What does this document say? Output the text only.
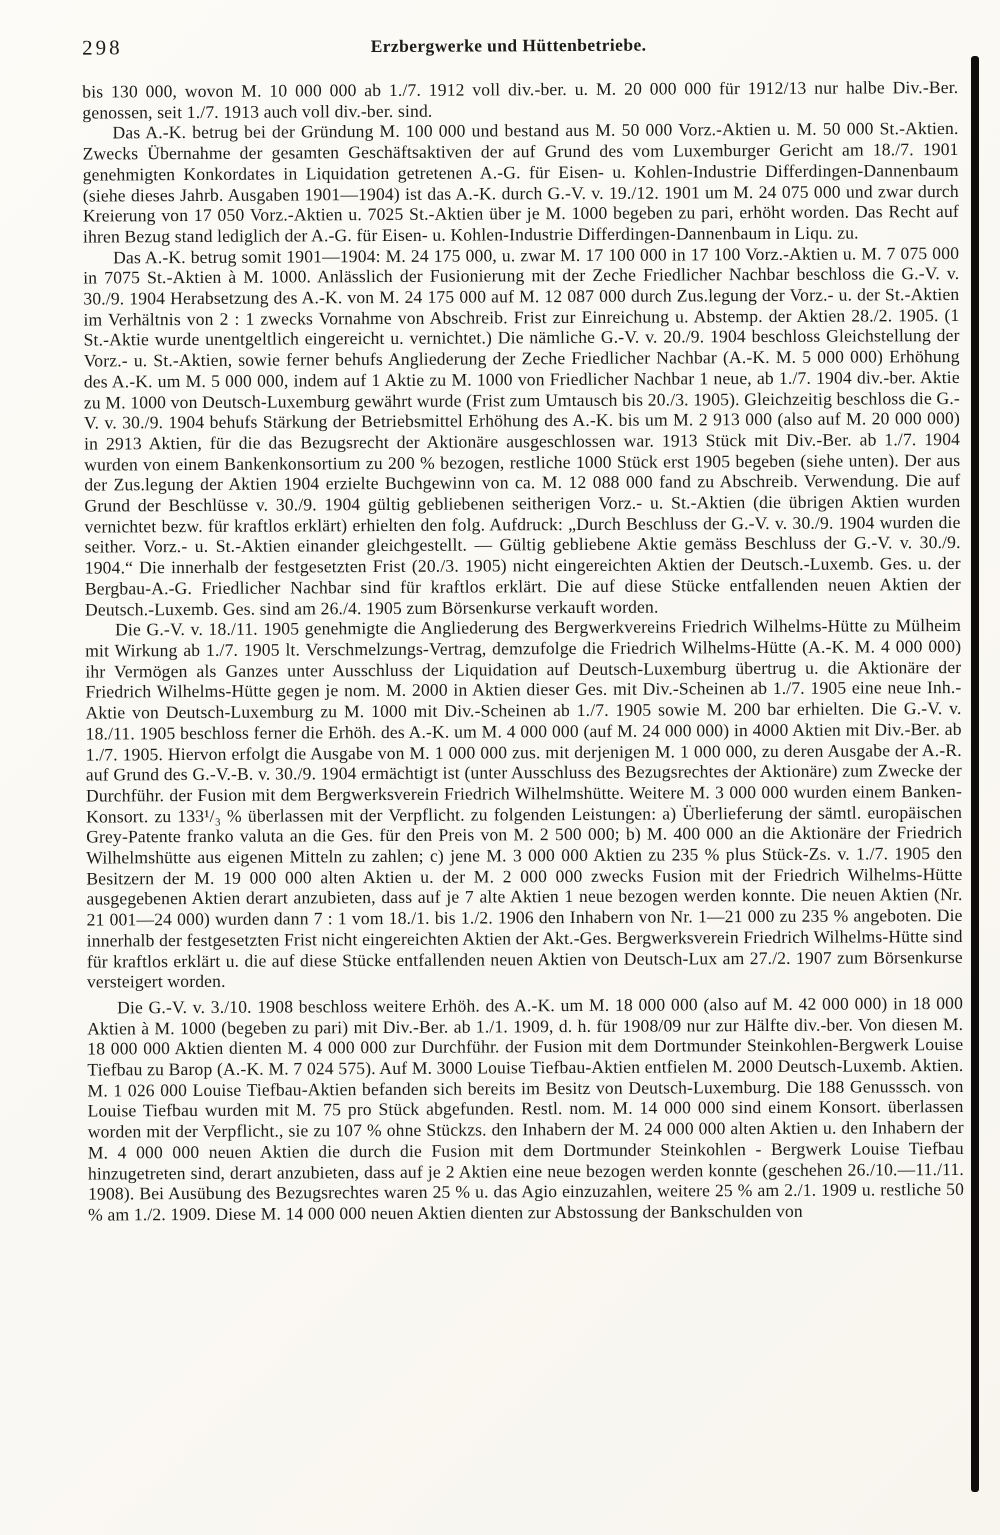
298	Erzbergwerke und Hüttenbetriebe.

bis 130 000, wovon M. 10 000 000 ab 1./7. 1912 voll div.-ber. u. M. 20 000 000 für 1912/13 nur halbe Div.-Ber. genossen, seit 1./7. 1913 auch voll div.-ber. sind.

Das A.-K. betrug bei der Gründung M. 100 000 und bestand aus M. 50 000 Vorz.-Aktien u. M. 50 000 St.-Aktien. Zwecks Übernahme der gesamten Geschäftsaktiven der auf Grund des vom Luxemburger Gericht am 18./7. 1901 genehmigten Konkordates in Liquidation getretenen A.-G. für Eisen- u. Kohlen-Industrie Differdingen-Dannenbaum (siehe dieses Jahrb. Ausgaben 1901—1904) ist das A.-K. durch G.-V. v. 19./12. 1901 um M. 24 075 000 und zwar durch Kreierung von 17 050 Vorz.-Aktien u. 7025 St.-Aktien über je M. 1000 begeben zu pari, erhöht worden. Das Recht auf ihren Bezug stand lediglich der A.-G. für Eisen- u. Kohlen-Industrie Differdingen-Dannenbaum in Liqu. zu.

Das A.-K. betrug somit 1901—1904: M. 24 175 000, u. zwar M. 17 100 000 in 17 100 Vorz.-Aktien u. M. 7 075 000 in 7075 St.-Aktien à M. 1000. Anlässlich der Fusionierung mit der Zeche Friedlicher Nachbar beschloss die G.-V. v. 30./9. 1904 Herabsetzung des A.-K. von M. 24 175 000 auf M. 12 087 000 durch Zus.legung der Vorz.- u. der St.-Aktien im Verhältnis von 2 : 1 zwecks Vornahme von Abschreib. Frist zur Einreichung u. Abstemp. der Aktien 28./2. 1905. (1 St.-Aktie wurde unentgeltlich eingereicht u. vernichtet.) Die nämliche G.-V. v. 20./9. 1904 beschloss Gleichstellung der Vorz.- u. St.-Aktien, sowie ferner behufs Angliederung der Zeche Friedlicher Nachbar (A.-K. M. 5 000 000) Erhöhung des A.-K. um M. 5 000 000, indem auf 1 Aktie zu M. 1000 von Friedlicher Nachbar 1 neue, ab 1./7. 1904 div.-ber. Aktie zu M. 1000 von Deutsch-Luxemburg gewährt wurde (Frist zum Umtausch bis 20./3. 1905). Gleichzeitig beschloss die G.-V. v. 30./9. 1904 behufs Stärkung der Betriebsmittel Erhöhung des A.-K. bis um M. 2 913 000 (also auf M. 20 000 000) in 2913 Aktien, für die das Bezugsrecht der Aktionäre ausgeschlossen war. 1913 Stück mit Div.-Ber. ab 1./7. 1904 wurden von einem Bankenkonsortium zu 200 % bezogen, restliche 1000 Stück erst 1905 begeben (siehe unten). Der aus der Zus.legung der Aktien 1904 erzielte Buchgewinn von ca. M. 12 088 000 fand zu Abschreib. Verwendung. Die auf Grund der Beschlüsse v. 30./9. 1904 gültig gebliebenen seitherigen Vorz.- u. St.-Aktien (die übrigen Aktien wurden vernichtet bezw. für kraftlos erklärt) erhielten den folg. Aufdruck: „Durch Beschluss der G.-V. v. 30./9. 1904 wurden die seither. Vorz.- u. St.-Aktien einander gleichgestellt. — Gültig gebliebene Aktie gemäss Beschluss der G.-V. v. 30./9. 1904.“ Die innerhalb der festgesetzten Frist (20./3. 1905) nicht eingereichten Aktien der Deutsch.-Luxemb. Ges. u. der Bergbau-A.-G. Friedlicher Nachbar sind für kraftlos erklärt. Die auf diese Stücke entfallenden neuen Aktien der Deutsch.-Luxemb. Ges. sind am 26./4. 1905 zum Börsenkurse verkauft worden.

Die G.-V. v. 18./11. 1905 genehmigte die Angliederung des Bergwerkvereins Friedrich Wilhelms-Hütte zu Mülheim mit Wirkung ab 1./7. 1905 lt. Verschmelzungs-Vertrag, demzufolge die Friedrich Wilhelms-Hütte (A.-K. M. 4 000 000) ihr Vermögen als Ganzes unter Ausschluss der Liquidation auf Deutsch-Luxemburg übertrug u. die Aktionäre der Friedrich Wilhelms-Hütte gegen je nom. M. 2000 in Aktien dieser Ges. mit Div.-Scheinen ab 1./7. 1905 eine neue Inh.-Aktie von Deutsch-Luxemburg zu M. 1000 mit Div.-Scheinen ab 1./7. 1905 sowie M. 200 bar erhielten. Die G.-V. v. 18./11. 1905 beschloss ferner die Erhöh. des A.-K. um M. 4 000 000 (auf M. 24 000 000) in 4000 Aktien mit Div.-Ber. ab 1./7. 1905. Hiervon erfolgt die Ausgabe von M. 1 000 000 zus. mit derjenigen M. 1 000 000, zu deren Ausgabe der A.-R. auf Grund des G.-V.-B. v. 30./9. 1904 ermächtigt ist (unter Ausschluss des Bezugsrechtes der Aktionäre) zum Zwecke der Durchführ. der Fusion mit dem Bergwerksverein Friedrich Wilhelmshütte. Weitere M. 3 000 000 wurden einem Banken-Konsort. zu 133¹/₃ % überlassen mit der Verpflicht. zu folgenden Leistungen: a) Überlieferung der sämtl. europäischen Grey-Patente franko valuta an die Ges. für den Preis von M. 2 500 000; b) M. 400 000 an die Aktionäre der Friedrich Wilhelmshütte aus eigenen Mitteln zu zahlen; c) jene M. 3 000 000 Aktien zu 235 % plus Stück-Zs. v. 1./7. 1905 den Besitzern der M. 19 000 000 alten Aktien u. der M. 2 000 000 zwecks Fusion mit der Friedrich Wilhelms-Hütte ausgegebenen Aktien derart anzubieten, dass auf je 7 alte Aktien 1 neue bezogen werden konnte. Die neuen Aktien (Nr. 21 001—24 000) wurden dann 7 : 1 vom 18./1. bis 1./2. 1906 den Inhabern von Nr. 1—21 000 zu 235 % angeboten. Die innerhalb der festgesetzten Frist nicht eingereichten Aktien der Akt.-Ges. Bergwerksverein Friedrich Wilhelms-Hütte sind für kraftlos erklärt u. die auf diese Stücke entfallenden neuen Aktien von Deutsch-Lux am 27./2. 1907 zum Börsenkurse versteigert worden.

Die G.-V. v. 3./10. 1908 beschloss weitere Erhöh. des A.-K. um M. 18 000 000 (also auf M. 42 000 000) in 18 000 Aktien à M. 1000 (begeben zu pari) mit Div.-Ber. ab 1./1. 1909, d. h. für 1908/09 nur zur Hälfte div.-ber. Von diesen M. 18 000 000 Aktien dienten M. 4 000 000 zur Durchführ. der Fusion mit dem Dortmunder Steinkohlen-Bergwerk Louise Tiefbau zu Barop (A.-K. M. 7 024 575). Auf M. 3000 Louise Tiefbau-Aktien entfielen M. 2000 Deutsch-Luxemb. Aktien. M. 1 026 000 Louise Tiefbau-Aktien befanden sich bereits im Besitz von Deutsch-Luxemburg. Die 188 Genusssch. von Louise Tiefbau wurden mit M. 75 pro Stück abgefunden. Restl. nom. M. 14 000 000 sind einem Konsort. überlassen worden mit der Verpflicht., sie zu 107 % ohne Stückzs. den Inhabern der M. 24 000 000 alten Aktien u. den Inhabern der M. 4 000 000 neuen Aktien die durch die Fusion mit dem Dortmunder Steinkohlen - Bergwerk Louise Tiefbau hinzugetreten sind, derart anzubieten, dass auf je 2 Aktien eine neue bezogen werden konnte (geschehen 26./10.—11./11. 1908). Bei Ausübung des Bezugsrechtes waren 25 % u. das Agio einzuzahlen, weitere 25 % am 2./1. 1909 u. restliche 50 % am 1./2. 1909. Diese M. 14 000 000 neuen Aktien dienten zur Abstossung der Bankschulden von
